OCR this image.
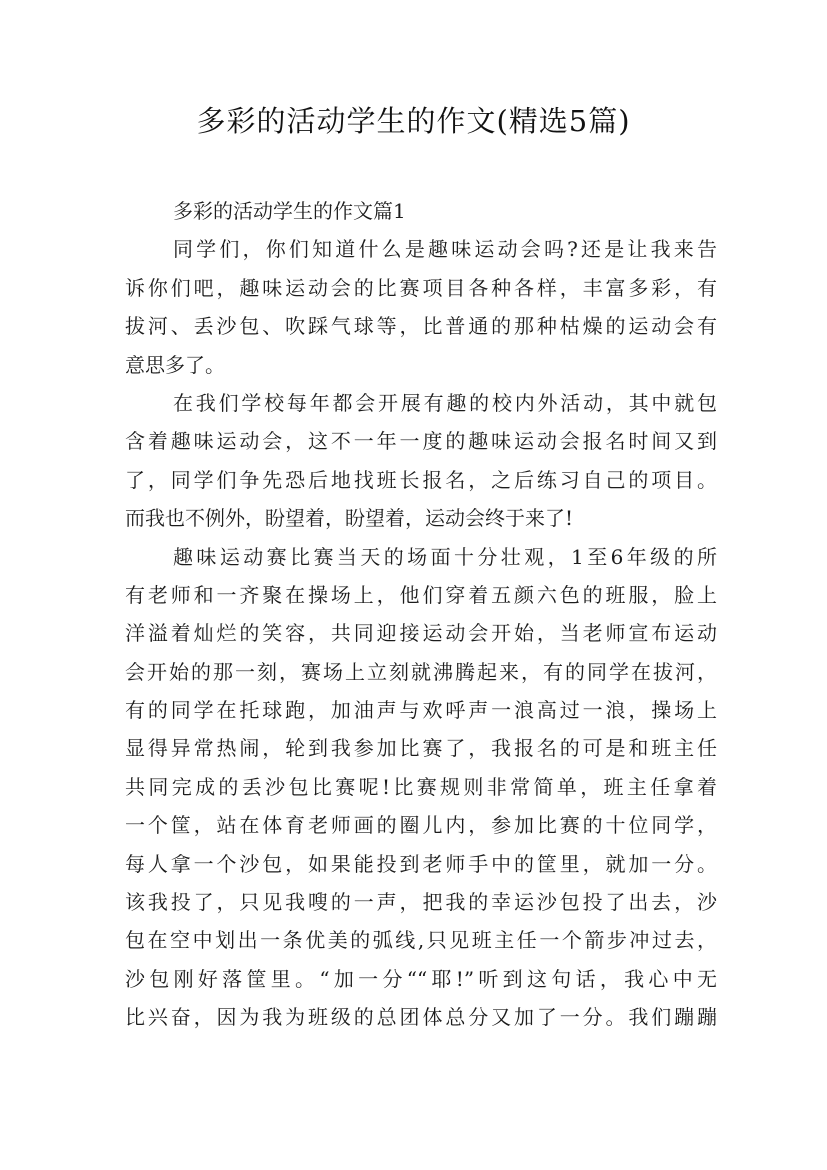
多彩的活动学生的作文(精选5篇)
多彩的活动学生的作文篇1
同学们，你们知道什么是趣味运动会吗?还是让我来告
诉你们吧，趣味运动会的比赛项目各种各样，丰富多彩，有
拔河、丢沙包、吹踩气球等，比普通的那种枯燥的运动会有
意思多了。
在我们学校每年都会开展有趣的校内外活动，其中就包
含着趣味运动会，这不一年一度的趣味运动会报名时间又到
了，同学们争先恐后地找班长报名，之后练习自己的项目。
而我也不例外，盼望着，盼望着，运动会终于来了!
趣味运动赛比赛当天的场面十分壮观，1至6年级的所
有老师和一齐聚在操场上，他们穿着五颜六色的班服，脸上
洋溢着灿烂的笑容，共同迎接运动会开始，当老师宣布运动
会开始的那一刻，赛场上立刻就沸腾起来，有的同学在拔河，
有的同学在托球跑，加油声与欢呼声一浪高过一浪，操场上
显得异常热闹，轮到我参加比赛了，我报名的可是和班主任
共同完成的丢沙包比赛呢!比赛规则非常简单，班主任拿着
一个筐，站在体育老师画的圈儿内，参加比赛的十位同学，
每人拿一个沙包，如果能投到老师手中的筐里，就加一分。
该我投了，只见我嗖的一声，把我的幸运沙包投了出去，沙
包在空中划出一条优美的弧线,只见班主任一个箭步冲过去，
沙包刚好落筐里。“加一分““耶!”听到这句话，我心中无
比兴奋，因为我为班级的总团体总分又加了一分。我们蹦蹦
